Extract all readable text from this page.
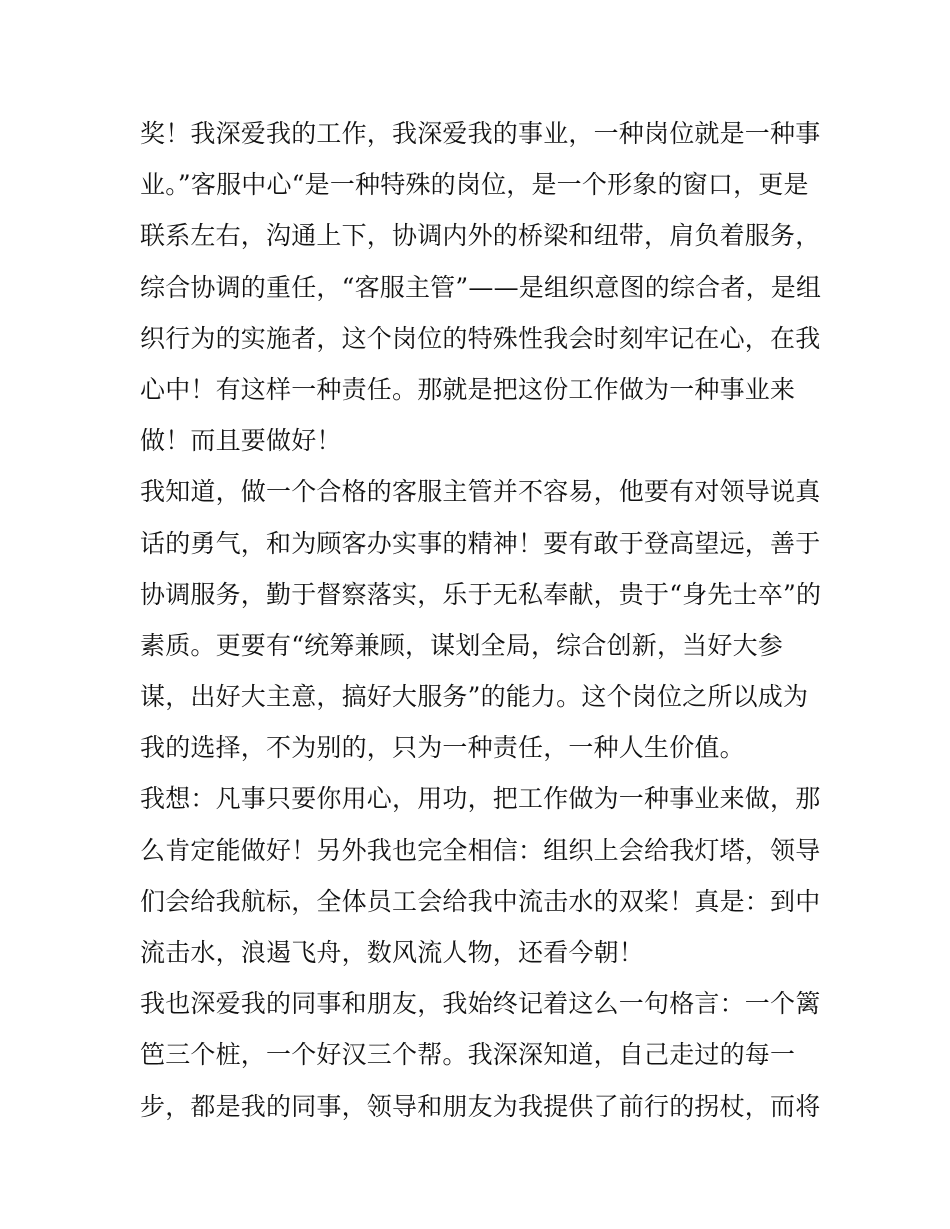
奖！我深爱我的工作，我深爱我的事业，一种岗位就是一种事
业。”客服中心“是一种特殊的岗位，是一个形象的窗口，更是
联系左右，沟通上下，协调内外的桥梁和纽带，肩负着服务，
综合协调的重任，“客服主管”——是组织意图的综合者，是组
织行为的实施者，这个岗位的特殊性我会时刻牢记在心，在我
心中！有这样一种责任。那就是把这份工作做为一种事业来
做！而且要做好！
我知道，做一个合格的客服主管并不容易，他要有对领导说真
话的勇气，和为顾客办实事的精神！要有敢于登高望远，善于
协调服务，勤于督察落实，乐于无私奉献，贵于“身先士卒”的
素质。更要有“统筹兼顾，谋划全局，综合创新，当好大参
谋，出好大主意，搞好大服务”的能力。这个岗位之所以成为
我的选择，不为别的，只为一种责任，一种人生价值。
我想：凡事只要你用心，用功，把工作做为一种事业来做，那
么肯定能做好！另外我也完全相信：组织上会给我灯塔，领导
们会给我航标，全体员工会给我中流击水的双桨！真是：到中
流击水，浪遏飞舟，数风流人物，还看今朝！
我也深爱我的同事和朋友，我始终记着这么一句格言：一个篱
笆三个桩，一个好汉三个帮。我深深知道，自己走过的每一
步，都是我的同事，领导和朋友为我提供了前行的拐杖，而将
